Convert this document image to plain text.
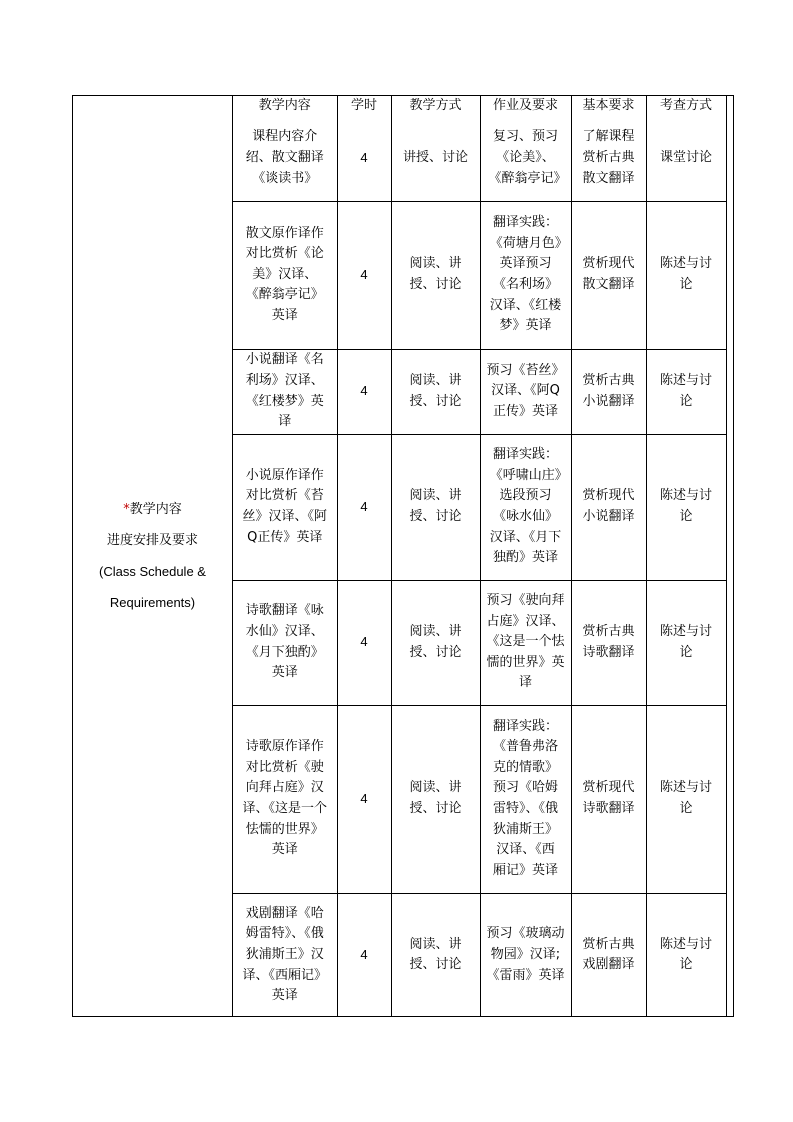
*教学内容
进度安排及要求
(Class Schedule &
Requirements)
教学内容	学时	教学方式	作业及要求	基本要求	考查方式
课程内容介绍、散文翻译《谈读书》	4	讲授、讨论	复习、预习《论美》、《醉翁亭记》	了解课程赏析古典散文翻译	课堂讨论
散文原作译作对比赏析《论美》汉译、《醉翁亭记》英译	4	阅读、讲授、讨论	翻译实践：《荷塘月色》英译预习《名利场》汉译、《红楼梦》英译	赏析现代散文翻译	陈述与讨论
小说翻译《名利场》汉译、《红楼梦》英译	4	阅读、讲授、讨论	预习《苔丝》汉译、《阿Q正传》英译	赏析古典小说翻译	陈述与讨论
小说原作译作对比赏析《苔丝》汉译、《阿Q正传》英译	4	阅读、讲授、讨论	翻译实践：《呼啸山庄》选段预习《咏水仙》汉译、《月下独酌》英译	赏析现代小说翻译	陈述与讨论
诗歌翻译《咏水仙》汉译、《月下独酌》英译	4	阅读、讲授、讨论	预习《驶向拜占庭》汉译、《这是一个怯懦的世界》英译	赏析古典诗歌翻译	陈述与讨论
诗歌原作译作对比赏析《驶向拜占庭》汉译、《这是一个怯懦的世界》英译	4	阅读、讲授、讨论	翻译实践：《普鲁弗洛克的情歌》预习《哈姆雷特》、《俄狄浦斯王》汉译、《西厢记》英译	赏析现代诗歌翻译	陈述与讨论
戏剧翻译《哈姆雷特》、《俄狄浦斯王》汉译、《西厢记》英译	4	阅读、讲授、讨论	预习《玻璃动物园》汉译;《雷雨》英译	赏析古典戏剧翻译	陈述与讨论
